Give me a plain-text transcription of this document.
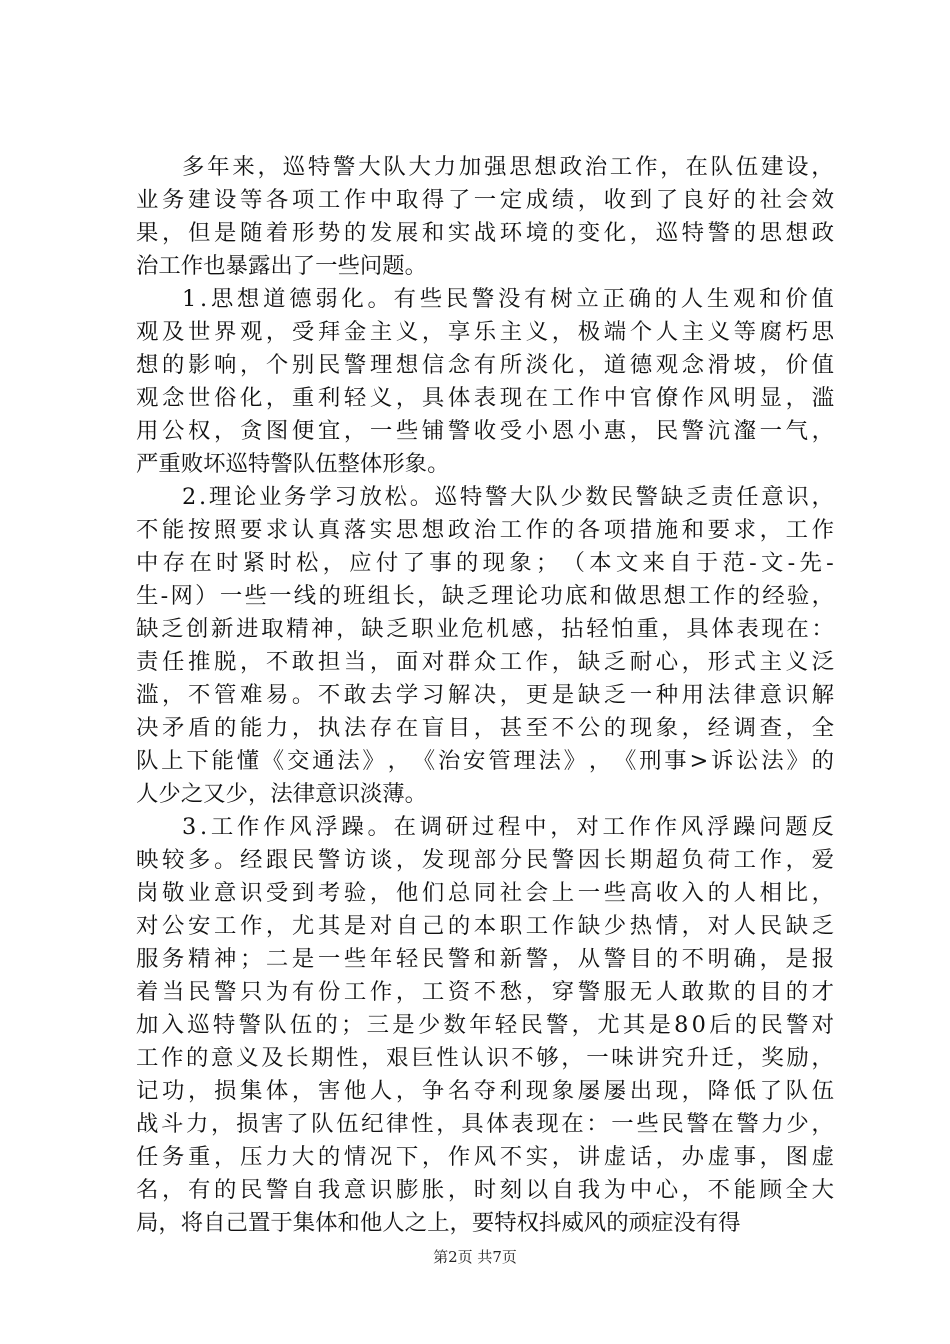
多 年 来 ， 巡 特 警 大 队 大 力 加 强 思 想 政 治 工 作 ， 在 队 伍 建 设 ，
业 务 建 设 等 各 项 工 作 中 取 得 了 一 定 成 绩 ， 收 到 了 良 好 的 社 会 效
果 ， 但 是 随 着 形 势 的 发 展 和 实 战 环 境 的 变 化 ， 巡 特 警 的 思 想 政
治工作也暴露出了一些问题。
1 . 思 想 道 德 弱 化 。 有 些 民 警 没 有 树 立 正 确 的 人 生 观 和 价 值
观 及 世 界 观 ， 受 拜 金 主 义 ， 享 乐 主 义 ， 极 端 个 人 主 义 等 腐 朽 思
想 的 影 响 ， 个 别 民 警 理 想 信 念 有 所 淡 化 ， 道 德 观 念 滑 坡 ， 价 值
观 念 世 俗 化 ， 重 利 轻 义 ， 具 体 表 现 在 工 作 中 官 僚 作 风 明 显 ， 滥
用 公 权 ， 贪 图 便 宜 ， 一 些 铺 警 收 受 小 恩 小 惠 ， 民 警 沆 瀣 一 气 ，
严重败坏巡特警队伍整体形象。
2 . 理 论 业 务 学 习 放 松 。 巡 特 警 大 队 少 数 民 警 缺 乏 责 任 意 识 ，
不 能 按 照 要 求 认 真 落 实 思 想 政 治 工 作 的 各 项 措 施 和 要 求 ， 工 作
中 存 在 时 紧 时 松 ， 应 付 了 事 的 现 象 ； （ 本 文 来 自 于 范 - 文 - 先 -
生 - 网 ） 一 些 一 线 的 班 组 长 ， 缺 乏 理 论 功 底 和 做 思 想 工 作 的 经 验 ，
缺 乏 创 新 进 取 精 神 ， 缺 乏 职 业 危 机 感 ， 拈 轻 怕 重 ， 具 体 表 现 在 ：
责 任 推 脱 ， 不 敢 担 当 ， 面 对 群 众 工 作 ， 缺 乏 耐 心 ， 形 式 主 义 泛
滥 ， 不 管 难 易 。 不 敢 去 学 习 解 决 ， 更 是 缺 乏 一 种 用 法 律 意 识 解
决 矛 盾 的 能 力 ， 执 法 存 在 盲 目 ， 甚 至 不 公 的 现 象 ， 经 调 查 ， 全
队 上 下 能 懂 《 交 通 法 》 ， 《 治 安 管 理 法 》 ， 《 刑 事 > 诉 讼 法 》 的
人少之又少，法律意识淡薄。
3 . 工 作 作 风 浮 躁 。 在 调 研 过 程 中 ， 对 工 作 作 风 浮 躁 问 题 反
映 较 多 。 经 跟 民 警 访 谈 ， 发 现 部 分 民 警 因 长 期 超 负 荷 工 作 ， 爱
岗 敬 业 意 识 受 到 考 验 ， 他 们 总 同 社 会 上 一 些 高 收 入 的 人 相 比 ，
对 公 安 工 作 ， 尤 其 是 对 自 己 的 本 职 工 作 缺 少 热 情 ， 对 人 民 缺 乏
服 务 精 神 ； 二 是 一 些 年 轻 民 警 和 新 警 ， 从 警 目 的 不 明 确 ， 是 报
着 当 民 警 只 为 有 份 工 作 ， 工 资 不 愁 ， 穿 警 服 无 人 敢 欺 的 目 的 才
加 入 巡 特 警 队 伍 的 ； 三 是 少 数 年 轻 民 警 ， 尤 其 是 8 0 后 的 民 警 对
工 作 的 意 义 及 长 期 性 ， 艰 巨 性 认 识 不 够 ， 一 味 讲 究 升 迁 ， 奖 励 ，
记 功 ， 损 集 体 ， 害 他 人 ， 争 名 夺 利 现 象 屡 屡 出 现 ， 降 低 了 队 伍
战 斗 力 ， 损 害 了 队 伍 纪 律 性 ， 具 体 表 现 在 ： 一 些 民 警 在 警 力 少 ，
任 务 重 ， 压 力 大 的 情 况 下 ， 作 风 不 实 ， 讲 虚 话 ， 办 虚 事 ， 图 虚
名 ， 有 的 民 警 自 我 意 识 膨 胀 ， 时 刻 以 自 我 为 中 心 ， 不 能 顾 全 大
局，将自己置于集体和他人之上，要特权抖威风的顽症没有得
第2页 共7页
